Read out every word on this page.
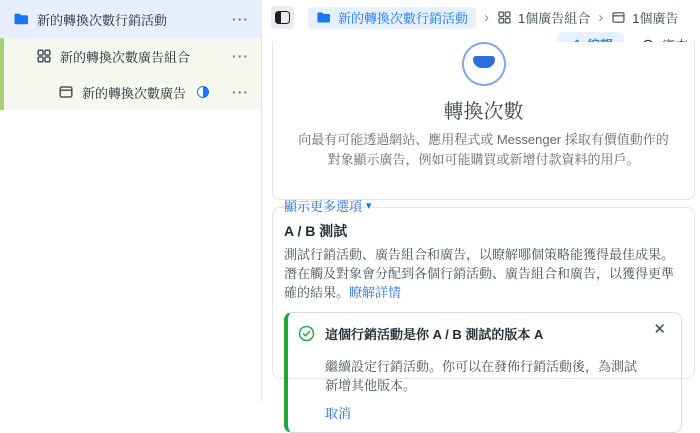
新的轉換次數行銷活動	···
新的轉換次數廣告組合	···
新的轉換次數廣告	···
新的轉換次數行銷活動 › 1個廣告組合 › 1個廣告
轉換次數
向最有可能透過網站、應用程式或 Messenger 採取有價值動作的
對象顯示廣告，例如可能購買或新增付款資料的用戶。
顯示更多選項 ▾
A / B 測試
測試行銷活動、廣告組合和廣告，以瞭解哪個策略能獲得最佳成果。潛在觸及對象會分配到各個行銷活動、廣告組合和廣告，以獲得更準確的結果。瞭解詳情
這個行銷活動是你 A / B 測試的版本 A
繼續設定行銷活動。你可以在發佈行銷活動後，為測試新增其他版本。
取消
✕
